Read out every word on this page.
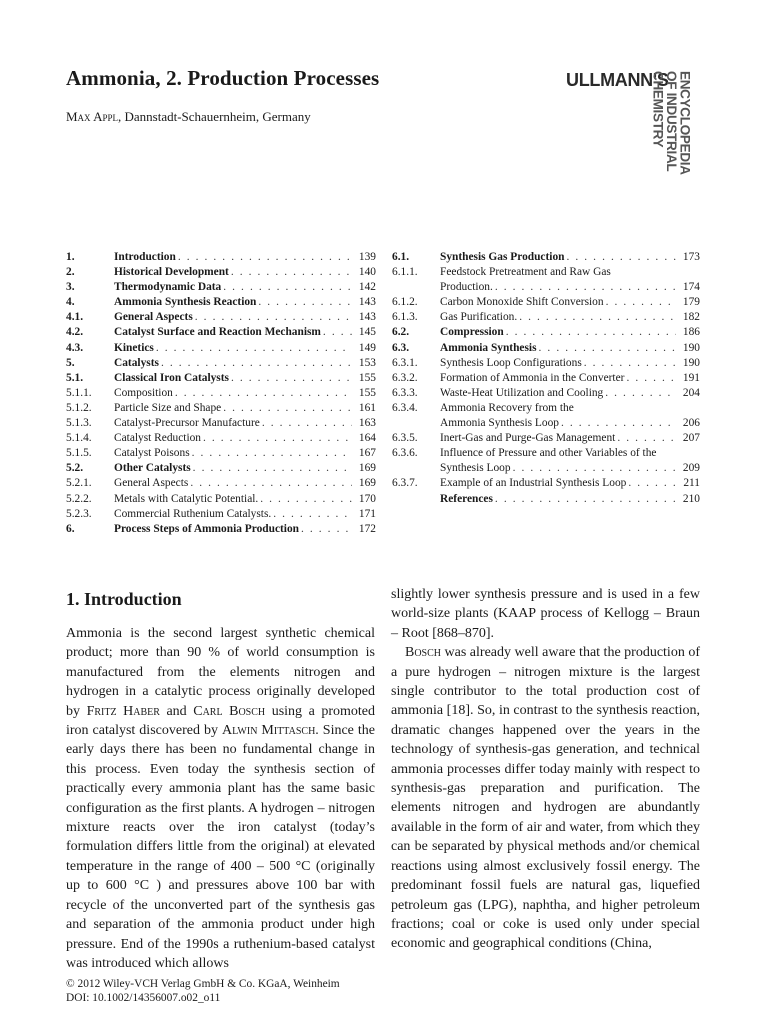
Ammonia, 2. Production Processes
Max Appl, Dannstadt-Schauernheim, Germany
ULLMANN'S ENCYCLOPEDIA
OF INDUSTRIAL
CHEMISTRY
1.	Introduction . . .	139
2.	Historical Development . . .	140
3.	Thermodynamic Data . . .	142
4.	Ammonia Synthesis Reaction . . .	143
4.1.	General Aspects . . .	143
4.2.	Catalyst Surface and Reaction Mechanism . . .	145
4.3.	Kinetics . . .	149
5.	Catalysts . . .	153
5.1.	Classical Iron Catalysts . . .	155
5.1.1. Composition . . .	155
5.1.2. Particle Size and Shape . . .	161
5.1.3. Catalyst-Precursor Manufacture . . .	163
5.1.4. Catalyst Reduction . . .	164
5.1.5. Catalyst Poisons . . .	167
5.2.	Other Catalysts . . .	169
5.2.1. General Aspects . . .	169
5.2.2. Metals with Catalytic Potential. . . .	170
5.2.3. Commercial Ruthenium Catalysts. . . .	171
6.	Process Steps of Ammonia Production . . .	172
6.1.	Synthesis Gas Production . . .	173
6.1.1. Feedstock Pretreatment and Raw Gas
Production. . . .	174
6.1.2. Carbon Monoxide Shift Conversion . . .	179
6.1.3. Gas Purification. . . .	182
6.2.	Compression . . .	186
6.3.	Ammonia Synthesis . . .	190
6.3.1. Synthesis Loop Configurations . . .	190
6.3.2. Formation of Ammonia in the Converter . . .	191
6.3.3. Waste-Heat Utilization and Cooling . . .	204
6.3.4. Ammonia Recovery from the
Ammonia Synthesis Loop . . .	206
6.3.5. Inert-Gas and Purge-Gas Management . . .	207
6.3.6. Influence of Pressure and other Variables of the
Synthesis Loop . . .	209
6.3.7. Example of an Industrial Synthesis Loop . . .	211
References . . .	210
1. Introduction

Ammonia is the second largest synthetic chemical product; more than 90 % of world consumption is manufactured from the elements nitrogen and hydrogen in a catalytic process originally developed by Fritz Haber and Carl Bosch using a promoted iron catalyst discovered by Alwin Mittasch. Since the early days there has been no fundamental change in this process. Even today the synthesis section of practically every ammonia plant has the same basic configuration as the first plants. A hydrogen – nitrogen mixture reacts over the iron catalyst (today’s formulation differs little from the original) at elevated temperature in the range of 400 – 500 °C (originally up to 600 °C ) and pressures above 100 bar with recycle of the unconverted part of the synthesis gas and separation of the ammonia product under high pressure. End of the 1990s a ruthenium-based catalyst was introduced which allows

slightly lower synthesis pressure and is used in a few world-size plants (KAAP process of Kellogg – Braun – Root [868–870].

Bosch was already well aware that the production of a pure hydrogen – nitrogen mixture is the largest single contributor to the total production cost of ammonia [18]. So, in contrast to the synthesis reaction, dramatic changes happened over the years in the technology of synthesis-gas generation, and technical ammonia processes differ today mainly with respect to synthesis-gas preparation and purification. The elements nitrogen and hydrogen are abundantly available in the form of air and water, from which they can be separated by physical methods and/or chemical reactions using almost exclusively fossil energy. The predominant fossil fuels are natural gas, liquefied petroleum gas (LPG), naphtha, and higher petroleum fractions; coal or coke is used only under special economic and geographical conditions (China,

© 2012 Wiley-VCH Verlag GmbH & Co. KGaA, Weinheim
DOI: 10.1002/14356007.o02_o11
